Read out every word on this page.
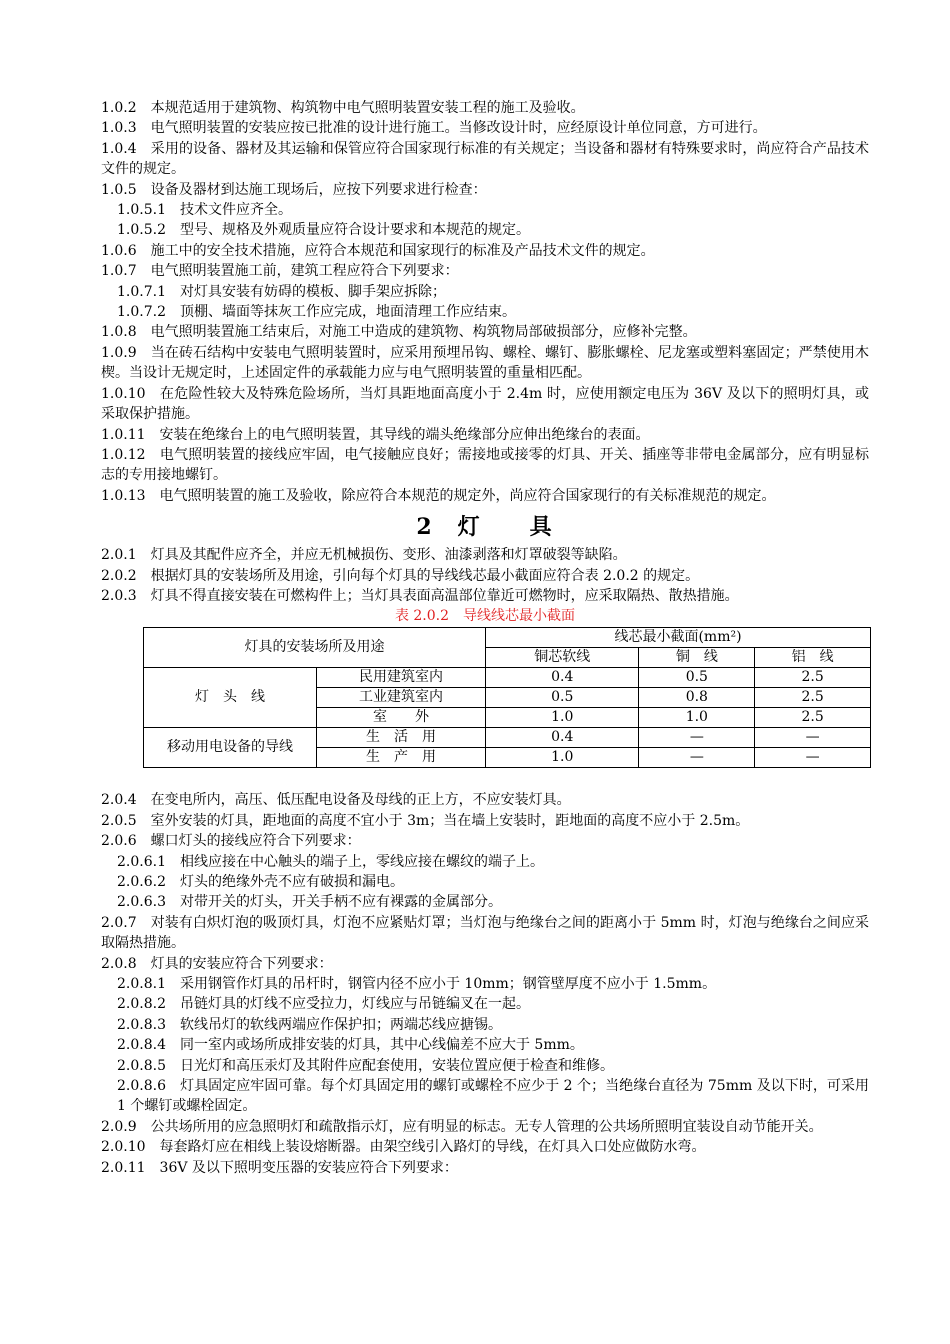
1.0.2　 本规范适用于建筑物、构筑物中电气照明装置安装工程的施工及验收。

1.0.3　 电气照明装置的安装应按已批准的设计进行施工。当修改设计时，应经原设计单位同意，方可进行。

1.0.4　 采用的设备、器材及其运输和保管应符合国家现行标准的有关规定；当设备和器材有特殊要求时，尚应符合产品技术文件的规定。

1.0.5　 设备及器材到达施工现场后，应按下列要求进行检查：

1.0.5.1　 技术文件应齐全。

1.0.5.2　 型号、规格及外观质量应符合设计要求和本规范的规定。

1.0.6　 施工中的安全技术措施，应符合本规范和国家现行的标准及产品技术文件的规定。

1.0.7　 电气照明装置施工前，建筑工程应符合下列要求：

1.0.7.1　 对灯具安装有妨碍的模板、脚手架应拆除；

1.0.7.2　 顶棚、墙面等抹灰工作应完成，地面清理工作应结束。

1.0.8　 电气照明装置施工结束后，对施工中造成的建筑物、构筑物局部破损部分，应修补完整。

1.0.9　 当在砖石结构中安装电气照明装置时，应采用预埋吊钩、螺栓、螺钉、膨胀螺栓、尼龙塞或塑料塞固定；严禁使用木楔。当设计无规定时，上述固定件的承载能力应与电气照明装置的重量相匹配。

1.0.10　 在危险性较大及特殊危险场所，当灯具距地面高度小于 2.4m 时，应使用额定电压为 36V 及以下的照明灯具，或采取保护措施。

1.0.11　 安装在绝缘台上的电气照明装置，其导线的端头绝缘部分应伸出绝缘台的表面。

1.0.12　 电气照明装置的接线应牢固，电气接触应良好；需接地或接零的灯具、开关、插座等非带电金属部分，应有明显标志的专用接地螺钉。

1.0.13　 电气照明装置的施工及验收，除应符合本规范的规定外，尚应符合国家现行的有关标准规范的规定。

2　 灯　　具

2.0.1　 灯具及其配件应齐全，并应无机械损伤、变形、油漆剥落和灯罩破裂等缺陷。

2.0.2　 根据灯具的安装场所及用途，引向每个灯具的导线线芯最小截面应符合表 2.0.2 的规定。

2.0.3　 灯具不得直接安装在可燃构件上；当灯具表面高温部位靠近可燃物时，应采取隔热、散热措施。

表 2.0.2　导线线芯最小截面

灯具的安装场所及用途		线芯最小截面(mm²)		
		铜芯软线	铜　线	铝　线
灯　头　线	民用建筑室内	0.4	0.5	2.5
	工业建筑室内	0.5	0.8	2.5
	室　　外	1.0	1.0	2.5
移动用电设备的导线	生　活　用	0.4	—	—
	生　产　用	1.0	—	—

2.0.4　 在变电所内，高压、低压配电设备及母线的正上方，不应安装灯具。

2.0.5　 室外安装的灯具，距地面的高度不宜小于 3m；当在墙上安装时，距地面的高度不应小于 2.5m。

2.0.6　 螺口灯头的接线应符合下列要求：

2.0.6.1　 相线应接在中心触头的端子上，零线应接在螺纹的端子上。

2.0.6.2　 灯头的绝缘外壳不应有破损和漏电。

2.0.6.3　 对带开关的灯头，开关手柄不应有裸露的金属部分。

2.0.7　 对装有白炽灯泡的吸顶灯具，灯泡不应紧贴灯罩；当灯泡与绝缘台之间的距离小于 5mm 时，灯泡与绝缘台之间应采取隔热措施。

2.0.8　 灯具的安装应符合下列要求：

2.0.8.1　 采用钢管作灯具的吊杆时，钢管内径不应小于 10mm；钢管壁厚度不应小于 1.5mm。

2.0.8.2　 吊链灯具的灯线不应受拉力，灯线应与吊链编叉在一起。

2.0.8.3　 软线吊灯的软线两端应作保护扣；两端芯线应搪锡。

2.0.8.4　 同一室内或场所成排安装的灯具，其中心线偏差不应大于 5mm。

2.0.8.5　 日光灯和高压汞灯及其附件应配套使用，安装位置应便于检查和维修。

2.0.8.6　 灯具固定应牢固可靠。每个灯具固定用的螺钉或螺栓不应少于 2 个；当绝缘台直径为 75mm 及以下时，可采用 1 个螺钉或螺栓固定。

2.0.9　 公共场所用的应急照明灯和疏散指示灯，应有明显的标志。无专人管理的公共场所照明宜装设自动节能开关。

2.0.10　 每套路灯应在相线上装设熔断器。由架空线引入路灯的导线，在灯具入口处应做防水弯。

2.0.11　 36V 及以下照明变压器的安装应符合下列要求：
